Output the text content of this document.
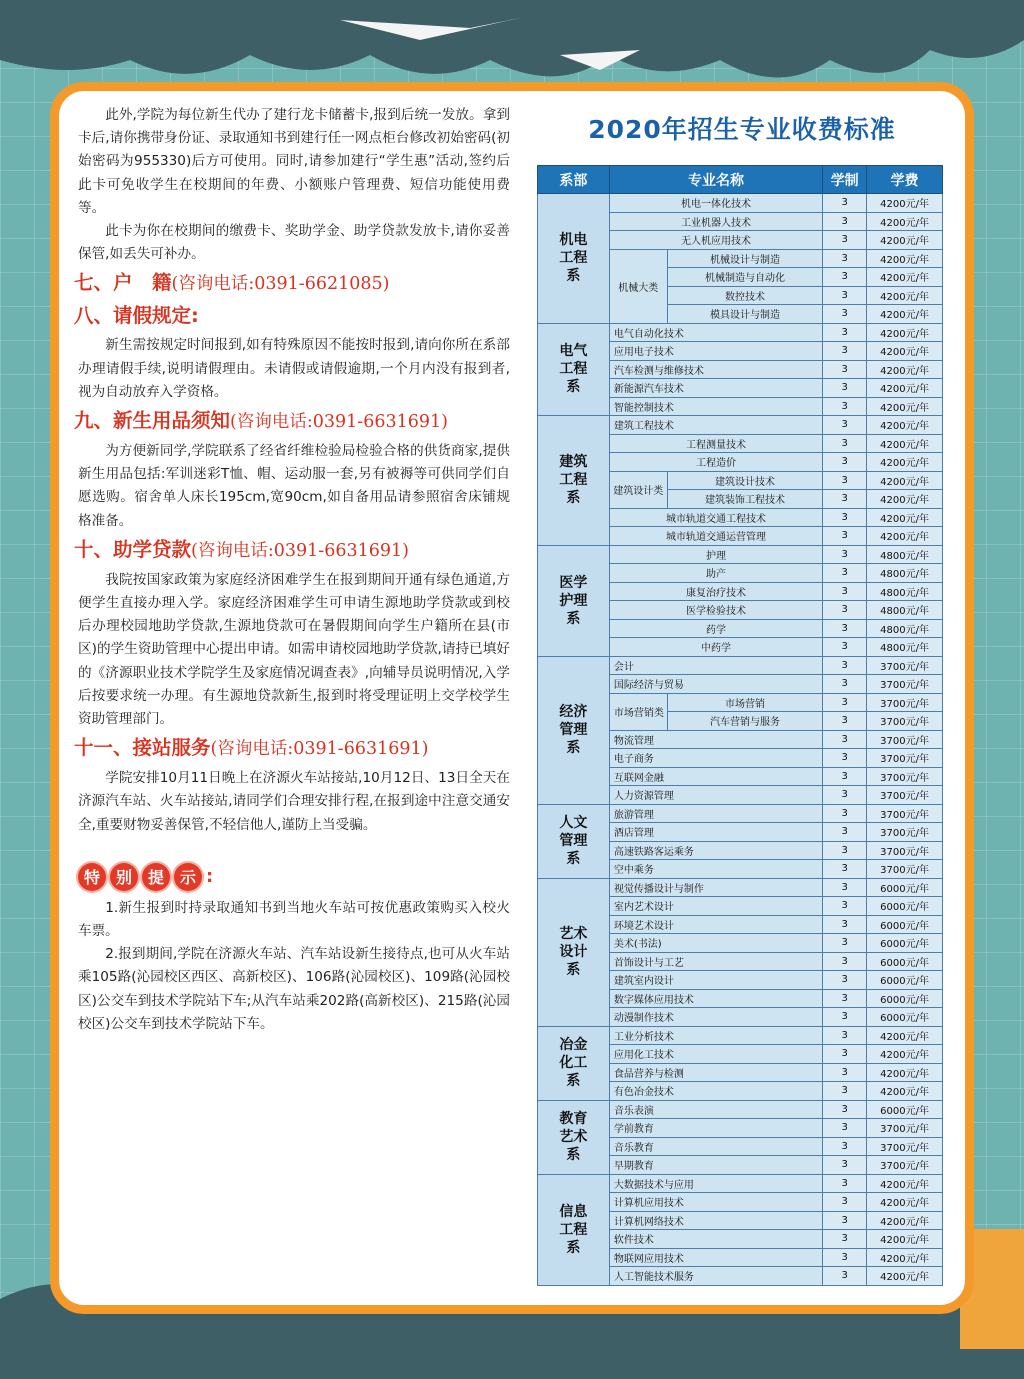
此外,学院为每位新生代办了建行龙卡储蓄卡,报到后统一发放。拿到卡后,请你携带身份证、录取通知书到建行任一网点柜台修改初始密码(初始密码为955330)后方可使用。同时,请参加建行“学生惠”活动,签约后此卡可免收学生在校期间的年费、小额账户管理费、短信功能使用费等。

此卡为你在校期间的缴费卡、奖助学金、助学贷款发放卡,请你妥善保管,如丢失可补办。

七、户　籍(咨询电话:0391-6621085)
八、请假规定:

新生需按规定时间报到,如有特殊原因不能按时报到,请向你所在系部办理请假手续,说明请假理由。未请假或请假逾期,一个月内没有报到者,视为自动放弃入学资格。

九、新生用品须知(咨询电话:0391-6631691)

为方便新同学,学院联系了经省纤维检验局检验合格的供货商家,提供新生用品包括:军训迷彩T恤、帽、运动服一套,另有被褥等可供同学们自愿选购。宿舍单人床长195cm,宽90cm,如自备用品请参照宿舍床铺规格准备。

十、助学贷款(咨询电话:0391-6631691)

我院按国家政策为家庭经济困难学生在报到期间开通有绿色通道,方便学生直接办理入学。家庭经济困难学生可申请生源地助学贷款或到校后办理校园地助学贷款,生源地贷款可在暑假期间向学生户籍所在县(市区)的学生资助管理中心提出申请。如需申请校园地助学贷款,请持已填好的《济源职业技术学院学生及家庭情况调查表》,向辅导员说明情况,入学后按要求统一办理。有生源地贷款新生,报到时将受理证明上交学校学生资助管理部门。

十一、接站服务(咨询电话:0391-6631691)

学院安排10月11日晚上在济源火车站接站,10月12日、13日全天在济源汽车站、火车站接站,请同学们合理安排行程,在报到途中注意交通安全,重要财物妥善保管,不轻信他人,谨防上当受骗。

特 别 提 示 :

1.新生报到时持录取通知书到当地火车站可按优惠政策购买入校火车票。

2.报到期间,学院在济源火车站、汽车站设新生接待点,也可从火车站乘105路(沁园校区西区、高新校区)、106路(沁园校区)、109路(沁园校区)公交车到技术学院站下车;从汽车站乘202路(高新校区)、215路(沁园校区)公交车到技术学院站下车。

2020年招生专业收费标准
系部	专业名称		学制	学费
机电工程系	机电一体化技术		3	4200元/年
	工业机器人技术		3	4200元/年
	无人机应用技术		3	4200元/年
	机械大类	机械设计与制造	3	4200元/年
		机械制造与自动化	3	4200元/年
		数控技术	3	4200元/年
		模具设计与制造	3	4200元/年
电气工程系	电气自动化技术		3	4200元/年
	应用电子技术		3	4200元/年
	汽车检测与维修技术		3	4200元/年
	新能源汽车技术		3	4200元/年
	智能控制技术		3	4200元/年
建筑工程系	建筑工程技术		3	4200元/年
	工程测量技术		3	4200元/年
	工程造价		3	4200元/年
	建筑设计类	建筑设计技术	3	4200元/年
		建筑装饰工程技术	3	4200元/年
	城市轨道交通工程技术		3	4200元/年
	城市轨道交通运营管理		3	4200元/年
医学护理系	护理		3	4800元/年
	助产		3	4800元/年
	康复治疗技术		3	4800元/年
	医学检验技术		3	4800元/年
	药学		3	4800元/年
	中药学		3	4800元/年
经济管理系	会计		3	3700元/年
	国际经济与贸易		3	3700元/年
	市场营销类	市场营销	3	3700元/年
		汽车营销与服务	3	3700元/年
	物流管理		3	3700元/年
	电子商务		3	3700元/年
	互联网金融		3	3700元/年
	人力资源管理		3	3700元/年
人文管理系	旅游管理		3	3700元/年
	酒店管理		3	3700元/年
	高速铁路客运乘务		3	3700元/年
	空中乘务		3	3700元/年
艺术设计系	视觉传播设计与制作		3	6000元/年
	室内艺术设计		3	6000元/年
	环境艺术设计		3	6000元/年
	美术(书法)		3	6000元/年
	首饰设计与工艺		3	6000元/年
	建筑室内设计		3	6000元/年
	数字媒体应用技术		3	6000元/年
	动漫制作技术		3	6000元/年
冶金化工系	工业分析技术		3	4200元/年
	应用化工技术		3	4200元/年
	食品营养与检测		3	4200元/年
	有色冶金技术		3	4200元/年
教育艺术系	音乐表演		3	6000元/年
	学前教育		3	3700元/年
	音乐教育		3	3700元/年
	早期教育		3	3700元/年
信息工程系	大数据技术与应用		3	4200元/年
	计算机应用技术		3	4200元/年
	计算机网络技术		3	4200元/年
	软件技术		3	4200元/年
	物联网应用技术		3	4200元/年
	人工智能技术服务		3	4200元/年
